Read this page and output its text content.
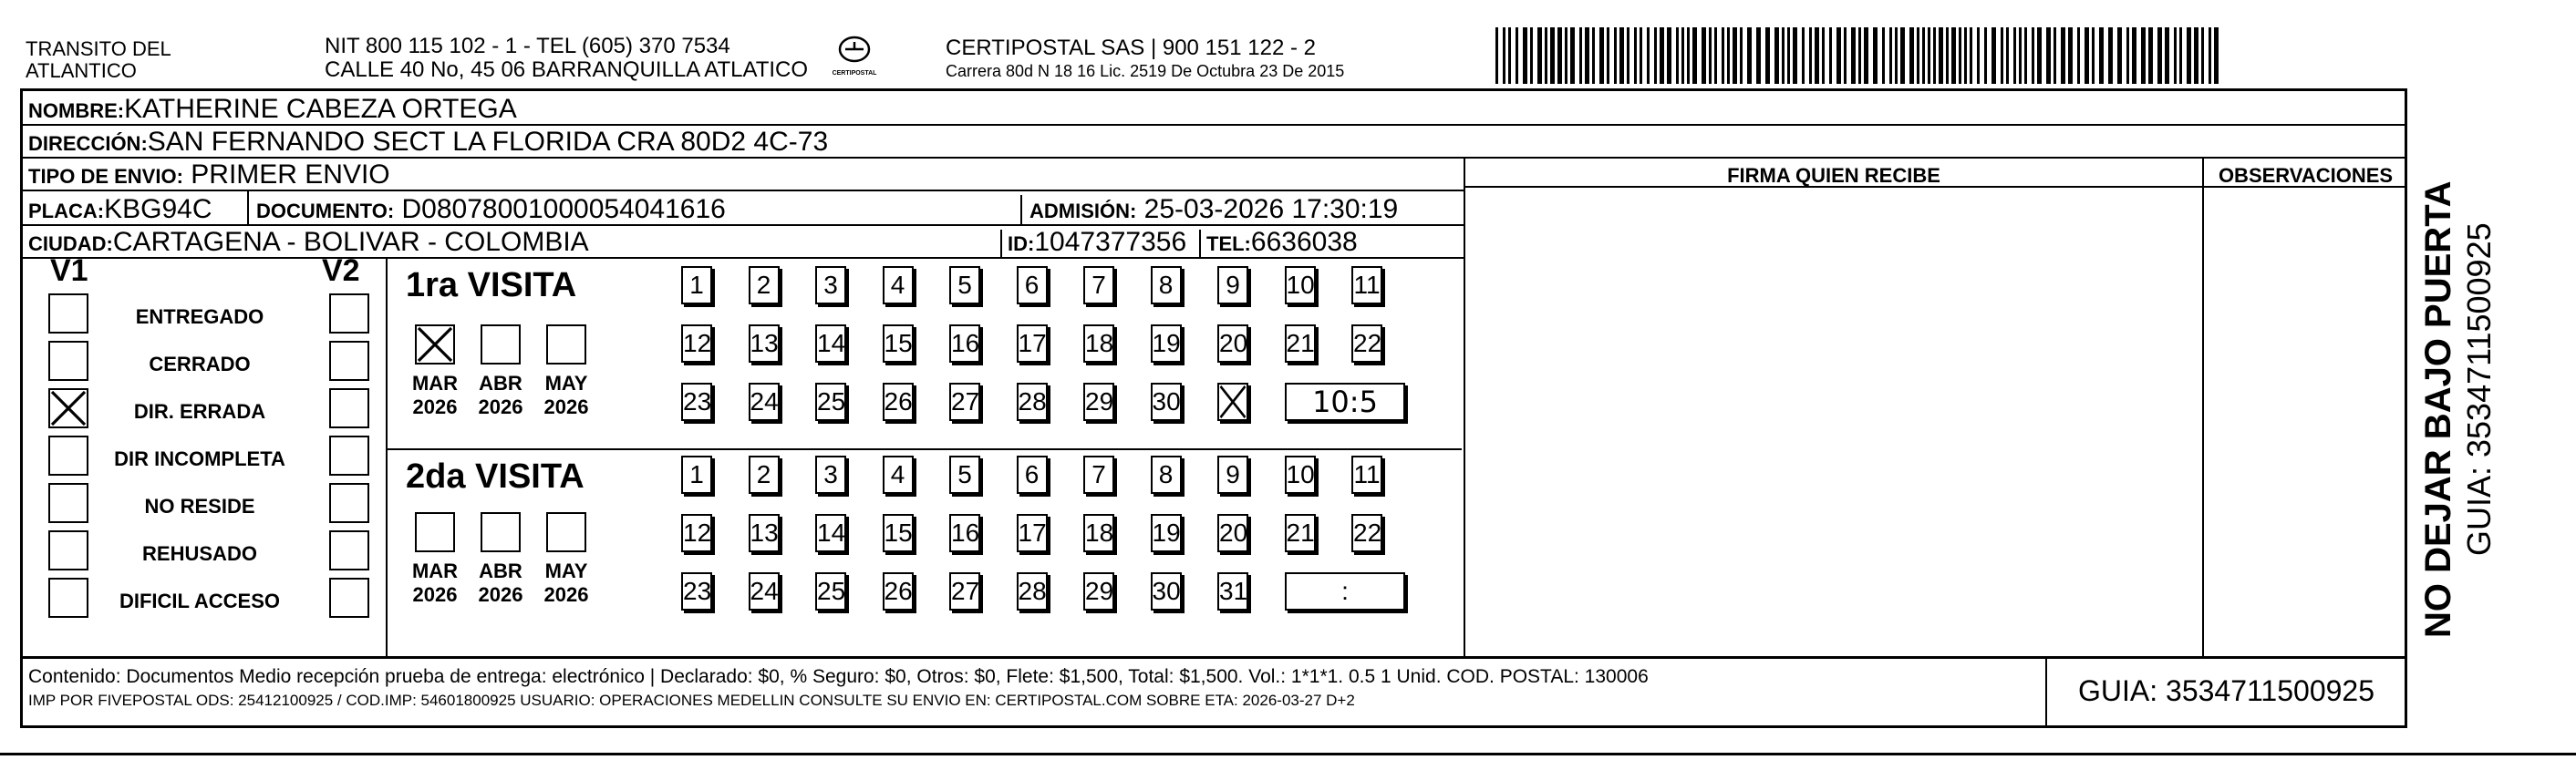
TRANSITO DEL
ATLANTICO
NIT 800 115 102 - 1 - TEL (605) 370 7534
CALLE 40 No, 45 06 BARRANQUILLA ATLATICO	CERTIPOSTAL
CERTIPOSTAL SAS | 900 151 122 - 2
Carrera 80d N 18 16 Lic. 2519 De Octubra 23 De 2015
NOMBRE:KATHERINE CABEZA ORTEGA
DIRECCIÓN:SAN FERNANDO SECT LA FLORIDA CRA 80D2 4C-73
TIPO DE ENVIO: PRIMER ENVIO
PLACA:KBG94C DOCUMENTO: D08078001000054041616	ADMISIÓN: 25-03-2026 17:30:19
CIUDAD:CARTAGENA - BOLIVAR - COLOMBIA	ID:1047377356 TEL:6636038
FIRMA QUIEN RECIBE	OBSERVACIONES
V1	V2
ENTREGADO
CERRADO
DIR. ERRADA
DIR INCOMPLETA
NO RESIDE
REHUSADO
DIFICIL ACCESO
1ra VISITA
MAR
2026
ABR
2026
MAY
2026
1	2	3	4	5	6	7	8	9	10 11
12 13 14 15 16 17 18 19 20 21 22
23 24 25 26 27 28 29 30	10:5
2da VISITA
MAR
2026
ABR
2026
MAY
2026
1	2	3	4	5	6	7	8	9	10 11
12 13 14 15 16 17 18 19 20 21 22
23 24 25 26 27 28 29 30 31	:
Contenido: Documentos Medio recepción prueba de entrega: electrónico | Declarado: $0, % Seguro: $0, Otros: $0, Flete: $1,500, Total: $1,500. Vol.: 1*1*1. 0.5 1 Unid. COD. POSTAL: 130006
IMP POR FIVEPOSTAL ODS: 25412100925 / COD.IMP: 54601800925 USUARIO: OPERACIONES MEDELLIN CONSULTE SU ENVIO EN: CERTIPOSTAL.COM SOBRE ETA: 2026-03-27 D+2	GUIA: 3534711500925
NO DEJAR BAJO PUERTA GUIA: 3534711500925
